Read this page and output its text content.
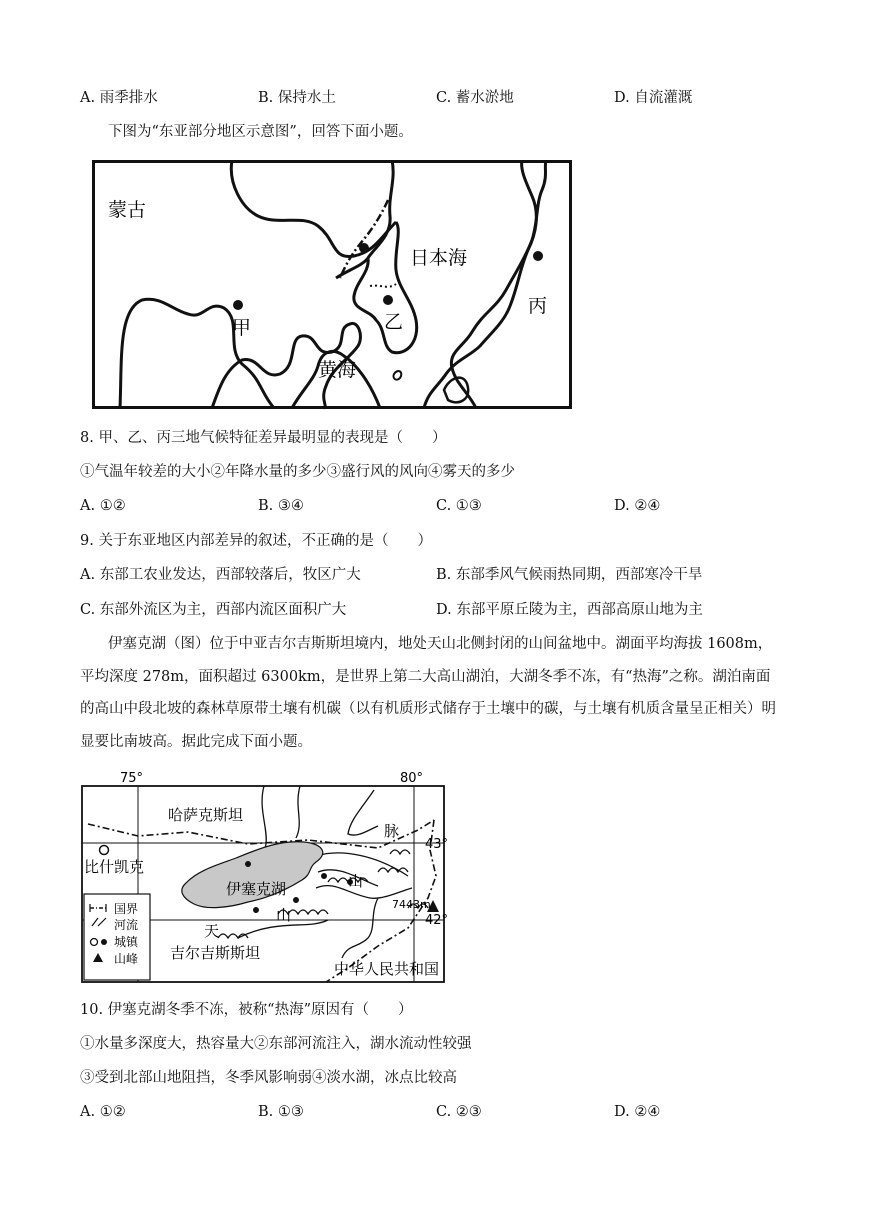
A. 雨季排水	B. 保持水土	C. 蓄水淤地	D. 自流灌溉
下图为“东亚部分地区示意图”，回答下面小题。
蒙古
日本海
黄海
甲	乙
丙
8. 甲、乙、丙三地气候特征差异最明显的表现是（　　）
①气温年较差的大小②年降水量的多少③盛行风的风向④雾天的多少
A. ①②	B. ③④	C. ①③	D. ②④
9. 关于东亚地区内部差异的叙述，不正确的是（　　）
A. 东部工农业发达，西部较落后，牧区广大	B. 东部季风气候雨热同期，西部寒冷干旱
C. 东部外流区为主，西部内流区面积广大	D. 东部平原丘陵为主，西部高原山地为主
伊塞克湖（图）位于中亚吉尔吉斯斯坦境内，地处天山北侧封闭的山间盆地中。湖面平均海拔 1608m，平均深度 278m，面积超过 6300km，是世界上第二大高山湖泊，大湖冬季不冻，有“热海”之称。湖泊南面的高山中段北坡的森林草原带土壤有机碳（以有机质形式储存于土壤中的碳，与土壤有机质含量呈正相关）明显要比南坡高。据此完成下面小题。
75°	80°
43°
42°
哈萨克斯坦
脉
比什凯克
伊塞克湖	山
山
天
吉尔吉斯斯坦
中华人民共和国
7443m
国界
河流
城镇
山峰
10. 伊塞克湖冬季不冻，被称“热海”原因有（　　）
①水量多深度大，热容量大②东部河流注入，湖水流动性较强
③受到北部山地阻挡，冬季风影响弱④淡水湖，冰点比较高
A. ①②	B. ①③	C. ②③	D. ②④
